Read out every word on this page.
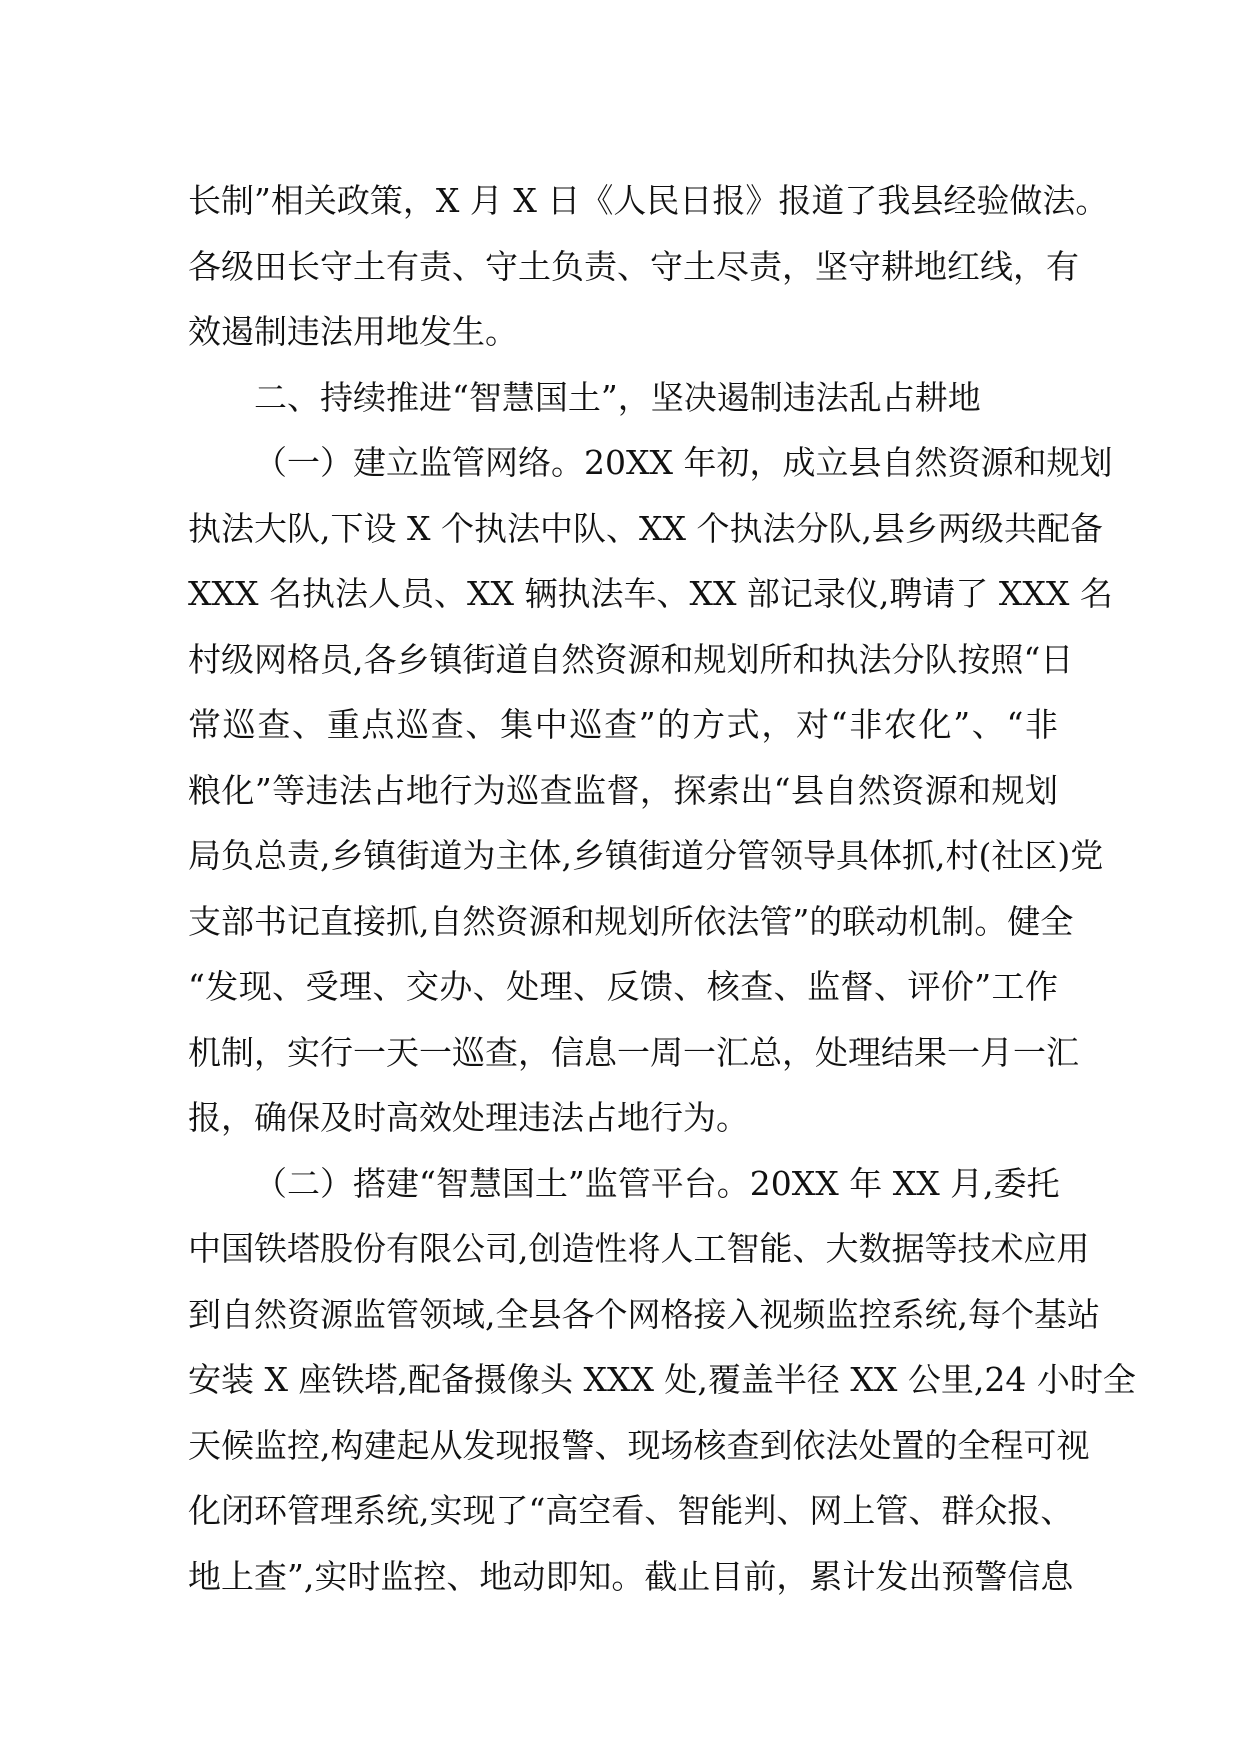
长制”相关政策，X 月 X 日《人民日报》报道了我县经验做法。
各级田长守土有责、守土负责、守土尽责，坚守耕地红线，有
效遏制违法用地发生。
二、持续推进“智慧国土”，坚决遏制违法乱占耕地
（一）建立监管网络。20XX 年初，成立县自然资源和规划
执法大队,下设 X 个执法中队、XX 个执法分队,县乡两级共配备
XXX 名执法人员、XX 辆执法车、XX 部记录仪,聘请了 XXX 名
村级网格员,各乡镇街道自然资源和规划所和执法分队按照“日
常巡查、重点巡查、集中巡查”的方式，对“非农化”、“非
粮化”等违法占地行为巡查监督，探索出“县自然资源和规划
局负总责,乡镇街道为主体,乡镇街道分管领导具体抓,村(社区)党
支部书记直接抓,自然资源和规划所依法管”的联动机制。健全
“发现、受理、交办、处理、反馈、核查、监督、评价”工作
机制，实行一天一巡查，信息一周一汇总，处理结果一月一汇
报，确保及时高效处理违法占地行为。
（二）搭建“智慧国土”监管平台。20XX 年 XX 月,委托
中国铁塔股份有限公司,创造性将人工智能、大数据等技术应用
到自然资源监管领域,全县各个网格接入视频监控系统,每个基站
安装 X 座铁塔,配备摄像头 XXX 处,覆盖半径 XX 公里,24 小时全
天候监控,构建起从发现报警、现场核查到依法处置的全程可视
化闭环管理系统,实现了“高空看、智能判、网上管、群众报、
地上查”,实时监控、地动即知。截止目前，累计发出预警信息
